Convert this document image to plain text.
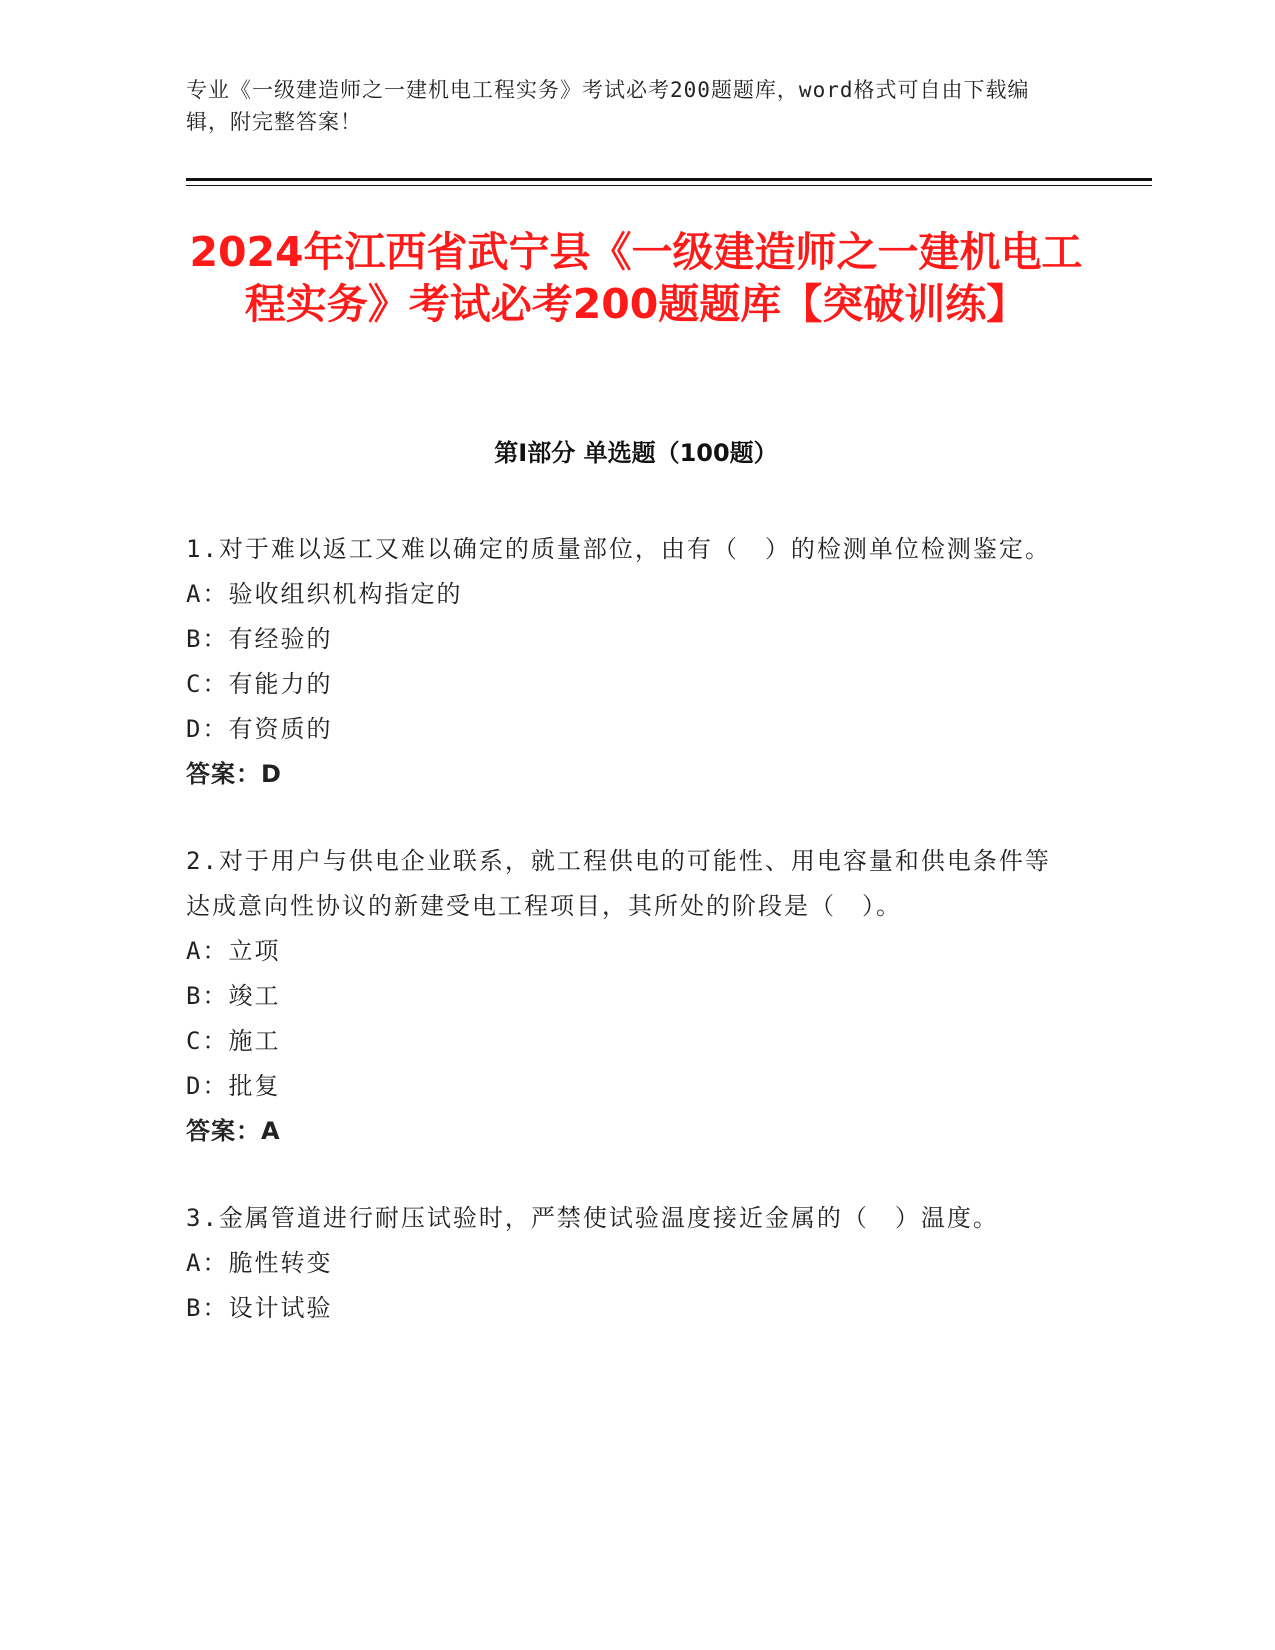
专业《一级建造师之一建机电工程实务》考试必考200题题库，word格式可自由下载编辑，附完整答案！
2024年江西省武宁县《一级建造师之一建机电工程实务》考试必考200题题库【突破训练】
第Ⅰ部分 单选题（100题）

1.对于难以返工又难以确定的质量部位，由有（　）的检测单位检测鉴定。

A：验收组织机构指定的

B：有经验的

C：有能力的

D：有资质的

答案：D

2.对于用户与供电企业联系，就工程供电的可能性、用电容量和供电条件等达成意向性协议的新建受电工程项目，其所处的阶段是（　）。

A：立项

B：竣工

C：施工

D：批复

答案：A

3.金属管道进行耐压试验时，严禁使试验温度接近金属的（　）温度。

A：脆性转变

B：设计试验
